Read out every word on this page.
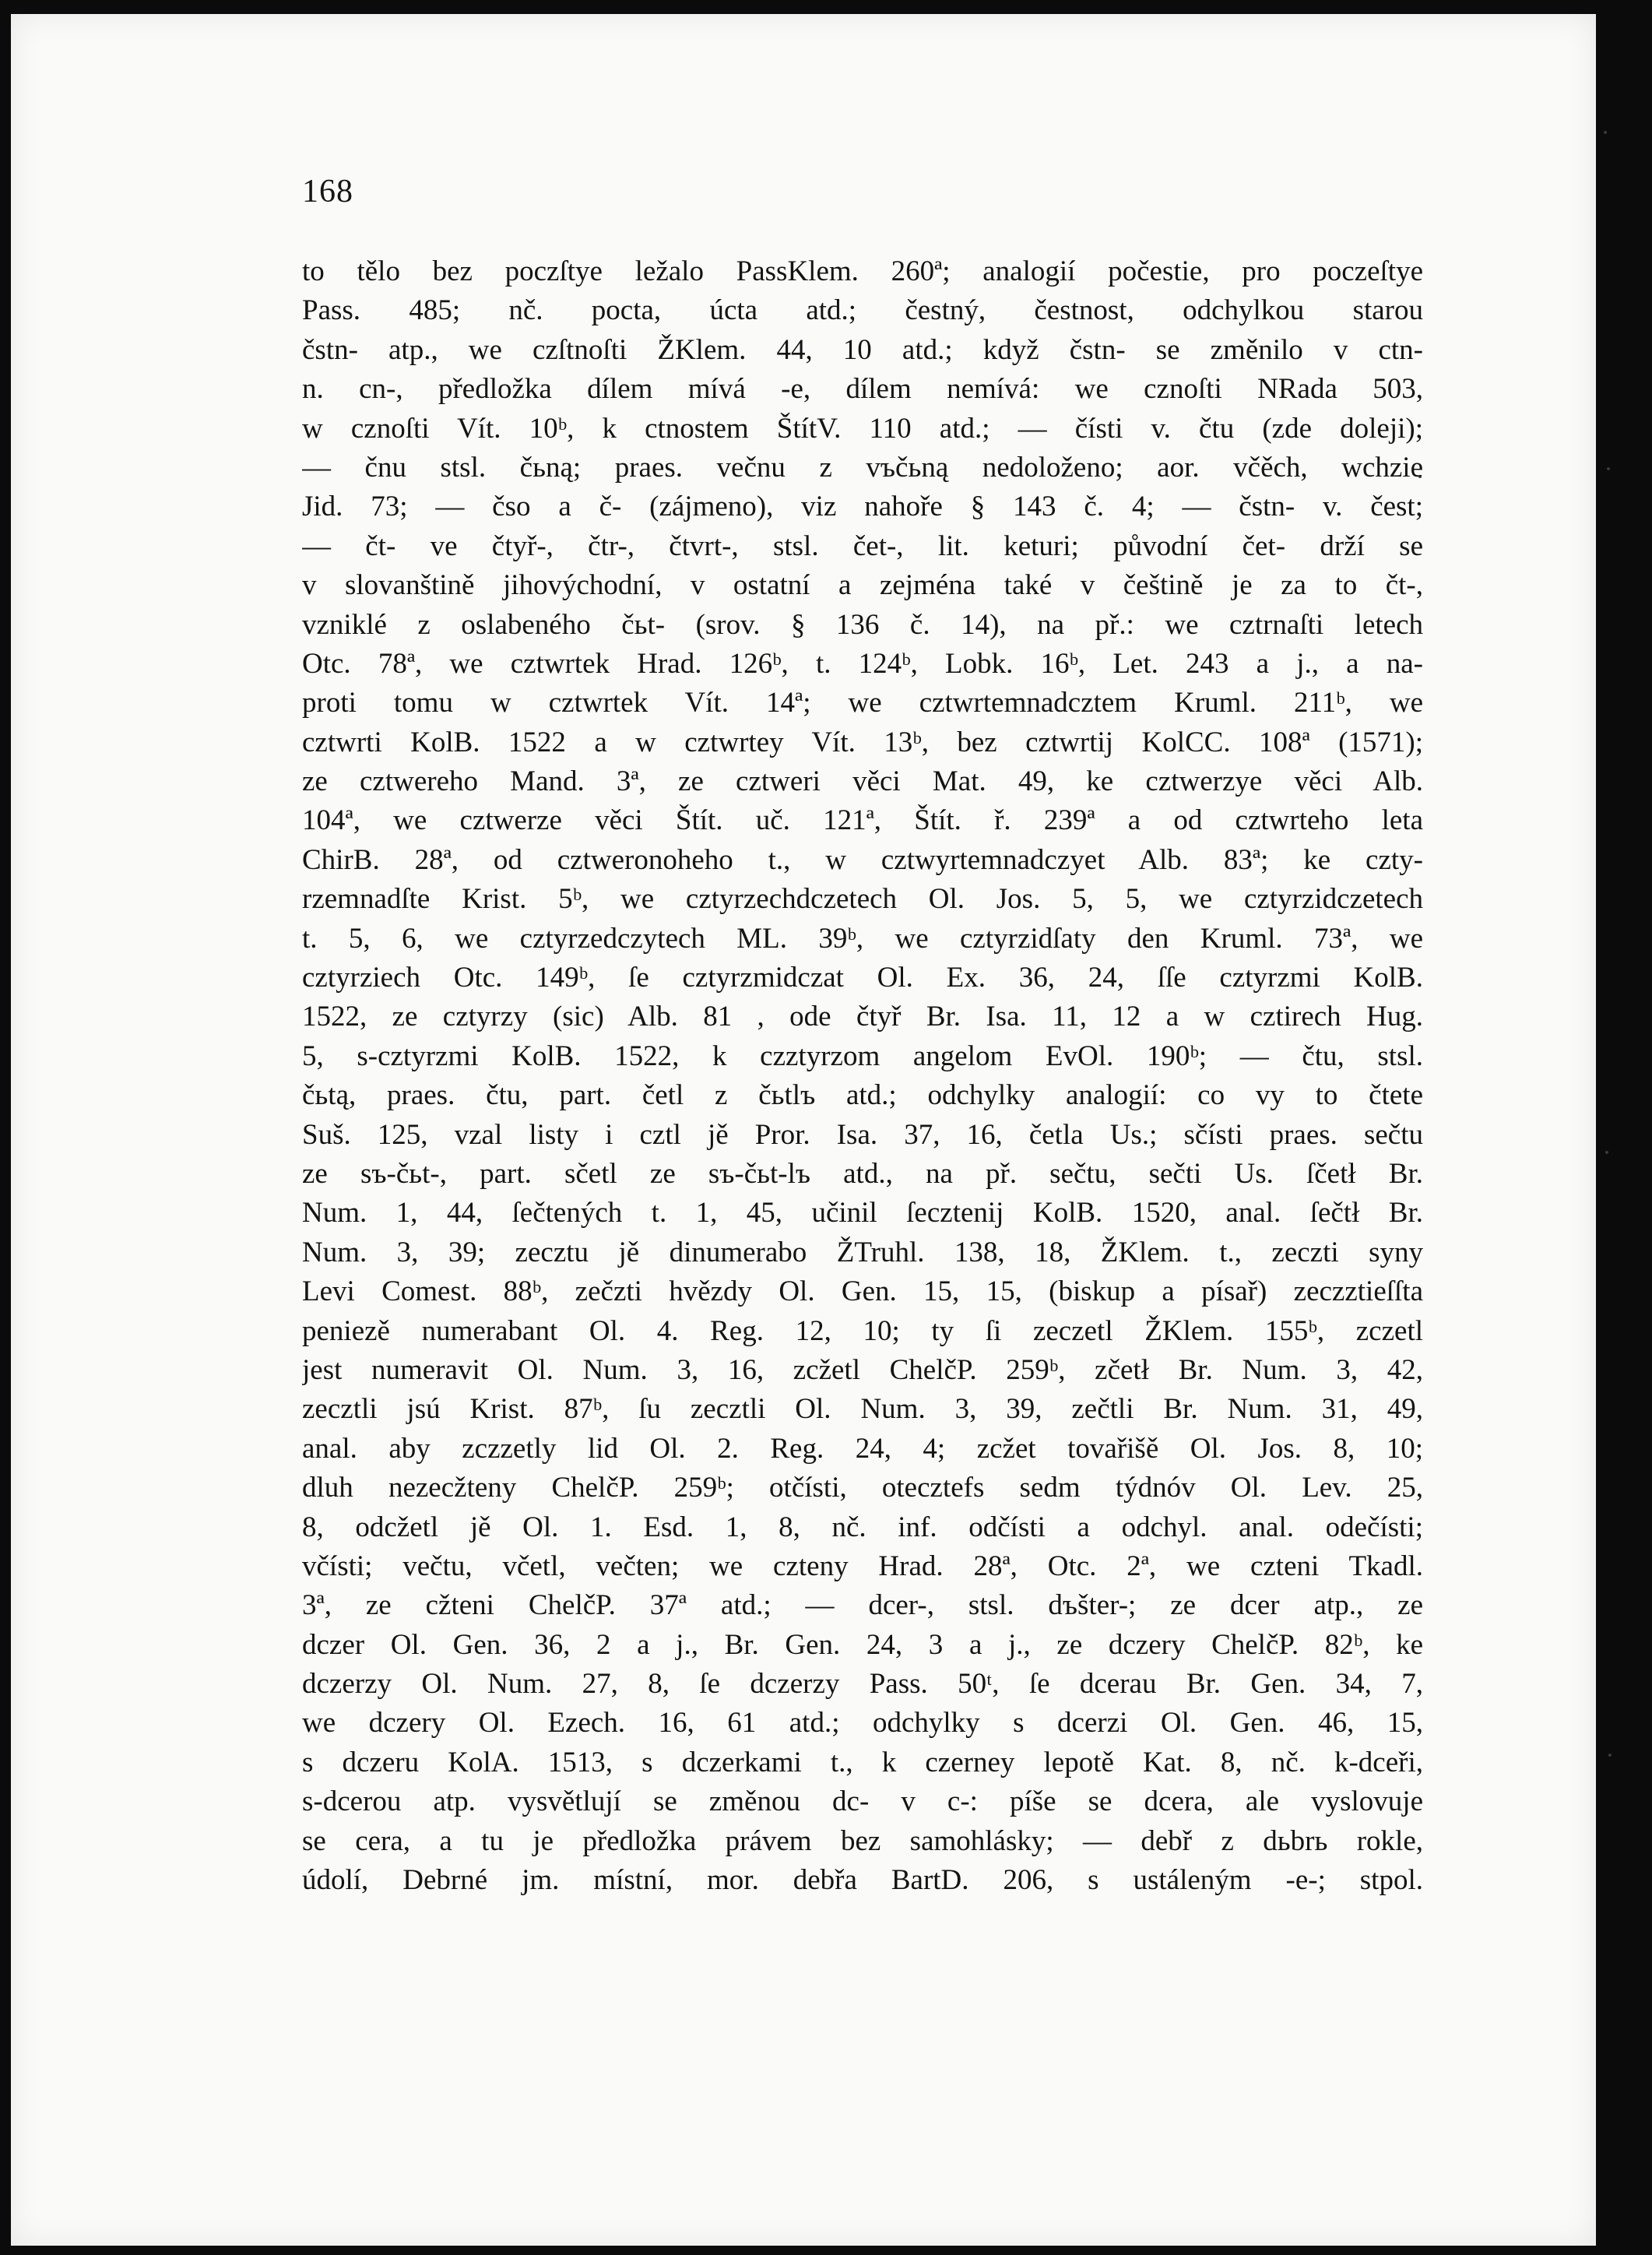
168
to tělo bez poczſtye ležalo PassKlem. 260ª; analogií počestie, pro poczeſtye
Pass. 485; nč. pocta, úcta atd.; čestný, čestnost, odchylkou starou
čstn- atp., we czſtnoſti ŽKlem. 44, 10 atd.; když čstn- se změnilo v ctn-
n. cn-, předložka dílem mívá -e, dílem nemívá: we cznoſti NRada 503,
w cznoſti Vít. 10ᵇ, k ctnostem ŠtítV. 110 atd.; — čísti v. čtu (zde doleji);
— čnu stsl. čьną; praes. večnu z vъčьną nedoloženo; aor. včěch, wchzie
Jid. 73; — čso a č- (zájmeno), viz nahoře § 143 č. 4; — čstn- v. čest;
— čt- ve čtyř-, čtr-, čtvrt-, stsl. čet-, lit. keturi; původní čet- drží se
v slovanštině jihovýchodní, v ostatní a zejména také v češtině je za to čt-,
vzniklé z oslabeného čьt- (srov. § 136 č. 14), na př.: we cztrnaſti letech
Otc. 78ª, we cztwrtek Hrad. 126ᵇ, t. 124ᵇ, Lobk. 16ᵇ, Let. 243 a j., a na-
proti tomu w cztwrtek Vít. 14ª; we cztwrtemnadcztem Kruml. 211ᵇ, we
cztwrti KolB. 1522 a w cztwrtey Vít. 13ᵇ, bez cztwrtij KolCC. 108ª (1571);
ze cztwereho Mand. 3ª, ze cztweri věci Mat. 49, ke cztwerzye věci Alb.
104ª, we cztwerze věci Štít. uč. 121ª, Štít. ř. 239ª a od cztwrteho leta
ChirB. 28ª, od cztweronoheho t., w cztwyrtemnadczyet Alb. 83ª; ke czty-
rzemnadſte Krist. 5ᵇ, we cztyrzechdczetech Ol. Jos. 5, 5, we cztyrzidczetech
t. 5, 6, we cztyrzedczytech ML. 39ᵇ, we cztyrzidſaty den Kruml. 73ª, we
cztyrziech Otc. 149ᵇ, ſe cztyrzmidczat Ol. Ex. 36, 24, ſſe cztyrzmi KolB.
1522, ze cztyrzy (sic) Alb. 81 , ode čtyř Br. Isa. 11, 12 a w cztirech Hug.
5, s-cztyrzmi KolB. 1522, k czztyrzom angelom EvOl. 190ᵇ; — čtu, stsl.
čьtą, praes. čtu, part. četl z čьtlъ atd.; odchylky analogií: co vy to čtete
Suš. 125, vzal listy i cztl jě Pror. Isa. 37, 16, četla Us.; sčísti praes. sečtu
ze sъ-čьt-, part. sčetl ze sъ-čьt-lъ atd., na př. sečtu, sečti Us. ſčetł Br.
Num. 1, 44, ſečtených t. 1, 45, učinil ſecztenij KolB. 1520, anal. ſečtł Br.
Num. 3, 39; zecztu jě dinumerabo ŽTruhl. 138, 18, ŽKlem. t., zeczti syny
Levi Comest. 88ᵇ, zečzti hvězdy Ol. Gen. 15, 15, (biskup a písař) zeczztieſſta
peniezě numerabant Ol. 4. Reg. 12, 10; ty ſi zeczetl ŽKlem. 155ᵇ, zczetl
jest numeravit Ol. Num. 3, 16, zcžetl ChelčP. 259ᵇ, zčetł Br. Num. 3, 42,
zecztli jsú Krist. 87ᵇ, ſu zecztli Ol. Num. 3, 39, zečtli Br. Num. 31, 49,
anal. aby zczzetly lid Ol. 2. Reg. 24, 4; zcžet tovařišě Ol. Jos. 8, 10;
dluh nezecžteny ChelčP. 259ᵇ; otčísti, otecztefs sedm týdnóv Ol. Lev. 25,
8, odcžetl jě Ol. 1. Esd. 1, 8, nč. inf. odčísti a odchyl. anal. odečísti;
včísti; večtu, včetl, večten; we czteny Hrad. 28ª, Otc. 2ª, we czteni Tkadl.
3ª, ze cžteni ChelčP. 37ª atd.; — dcer-, stsl. dъšter-; ze dcer atp., ze
dczer Ol. Gen. 36, 2 a j., Br. Gen. 24, 3 a j., ze dczery ChelčP. 82ᵇ, ke
dczerzy Ol. Num. 27, 8, ſe dczerzy Pass. 50ᵗ, ſe dcerau Br. Gen. 34, 7,
we dczery Ol. Ezech. 16, 61 atd.; odchylky s dcerzi Ol. Gen. 46, 15,
s dczeru KolA. 1513, s dczerkami t., k czerney lepotě Kat. 8, nč. k-dceři,
s-dcerou atp. vysvětlují se změnou dc- v c-: píše se dcera, ale vyslovuje
se cera, a tu je předložka právem bez samohlásky; — debř z dьbrь rokle,
údolí, Debrné jm. místní, mor. debřa BartD. 206, s ustáleným -e-; stpol.
